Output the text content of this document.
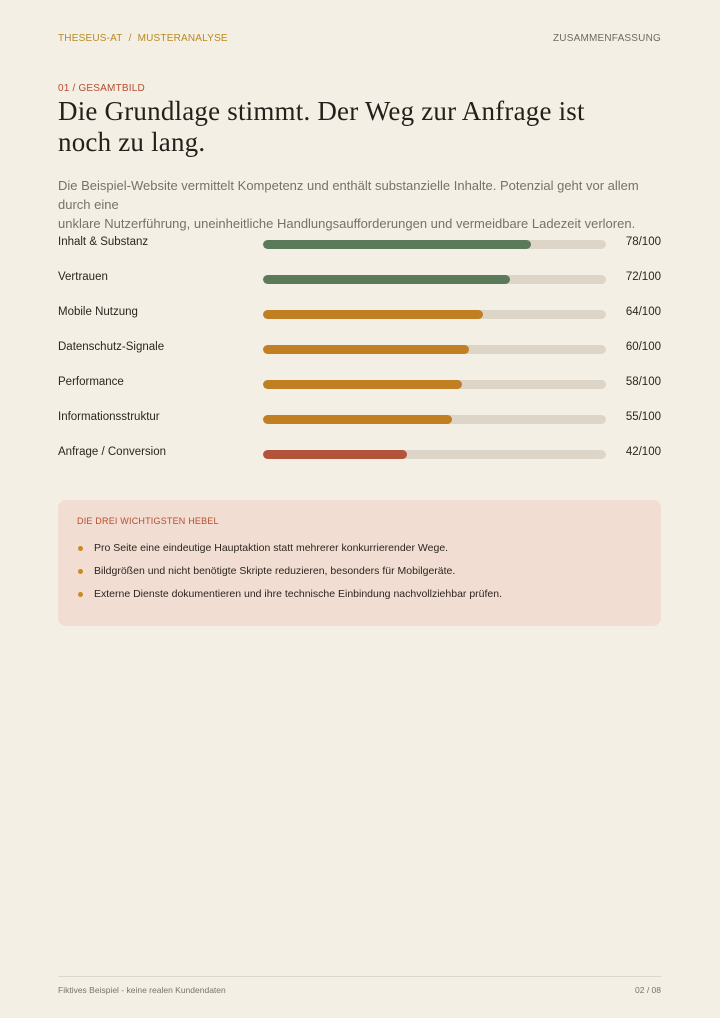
THESEUS-AT / MUSTERANALYSE	ZUSAMMENFASSUNG
01 / GESAMTBILD
Die Grundlage stimmt. Der Weg zur Anfrage ist
noch zu lang.

Die Beispiel-Website vermittelt Kompetenz und enthält substanzielle Inhalte. Potenzial geht vor allem durch eine
unklare Nutzerführung, uneinheitliche Handlungsaufforderungen und vermeidbare Ladezeit verloren.

Inhalt & Substanz	78/100
Vertrauen	72/100
Mobile Nutzung	64/100
Datenschutz-Signale	60/100
Performance	58/100
Informationsstruktur	55/100
Anfrage / Conversion	42/100
DIE DREI WICHTIGSTEN HEBEL
Pro Seite eine eindeutige Hauptaktion statt mehrerer konkurrierender Wege.
Bildgrößen und nicht benötigte Skripte reduzieren, besonders für Mobilgeräte.
Externe Dienste dokumentieren und ihre technische Einbindung nachvollziehbar prüfen.
Fiktives Beispiel - keine realen Kundendaten	02 / 08
